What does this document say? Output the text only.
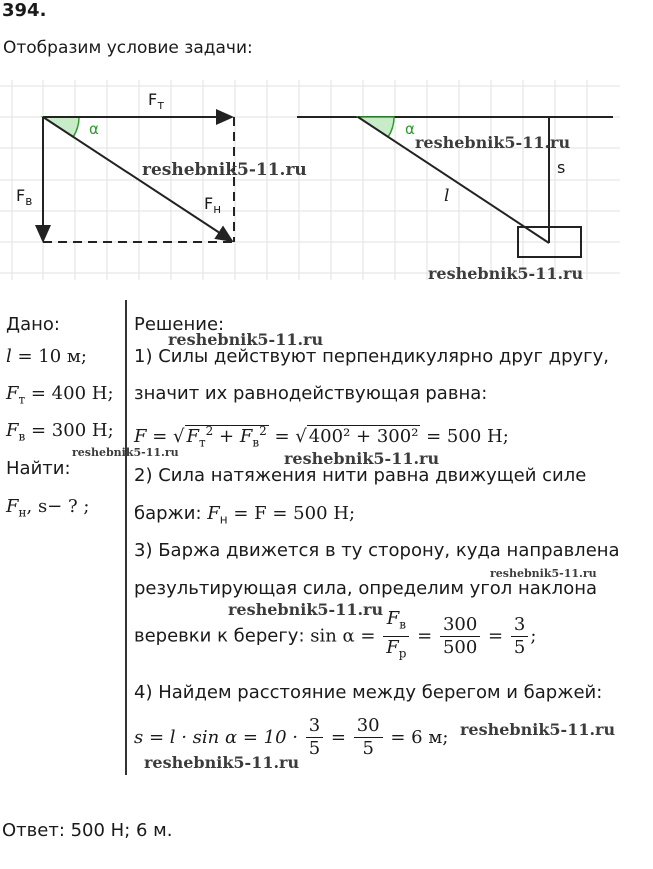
394.
Отобразим условие задачи:
$F_т$
α
$F_в$	$F_н$
α
s
l
Дано:
l = 10 м;
$F_т = 400$ Н;
$F_в = 300$ Н;
Найти:
$F_н$, s− ? ;
Решение:
1) Силы действуют перпендикулярно друг другу,
значит их равнодействующая равна:
F = √ $F_т^2 + F_в^2$ = √ 400² + 300² = 500 Н;
2) Сила натяжения нити равна движущей силе
баржи: $F_н = F = 500$ Н;
3) Баржа движется в ту сторону, куда направлена
результирующая сила, определим угол наклона
веревки к берегу: $\sin \alpha = \frac{F_в}{F_р} = \frac{300}{500} = \frac{3}{5}$ ;
4) Найдем расстояние между берегом и баржей:
$s = l \cdot \sin \alpha = 10 \cdot \frac{3}{5} = \frac{30}{5} = 6$ м;
Ответ: 500 Н; 6 м.
reshebnik5-11.ru
reshebnik5-11.ru
reshebnik5-11.ru
reshebnik5-11.ru
reshebnik5-11.ru	reshebnik5-11.ru
reshebnik5-11.ru
reshebnik5-11.ru
reshebnik5-11.ru
reshebnik5-11.ru
